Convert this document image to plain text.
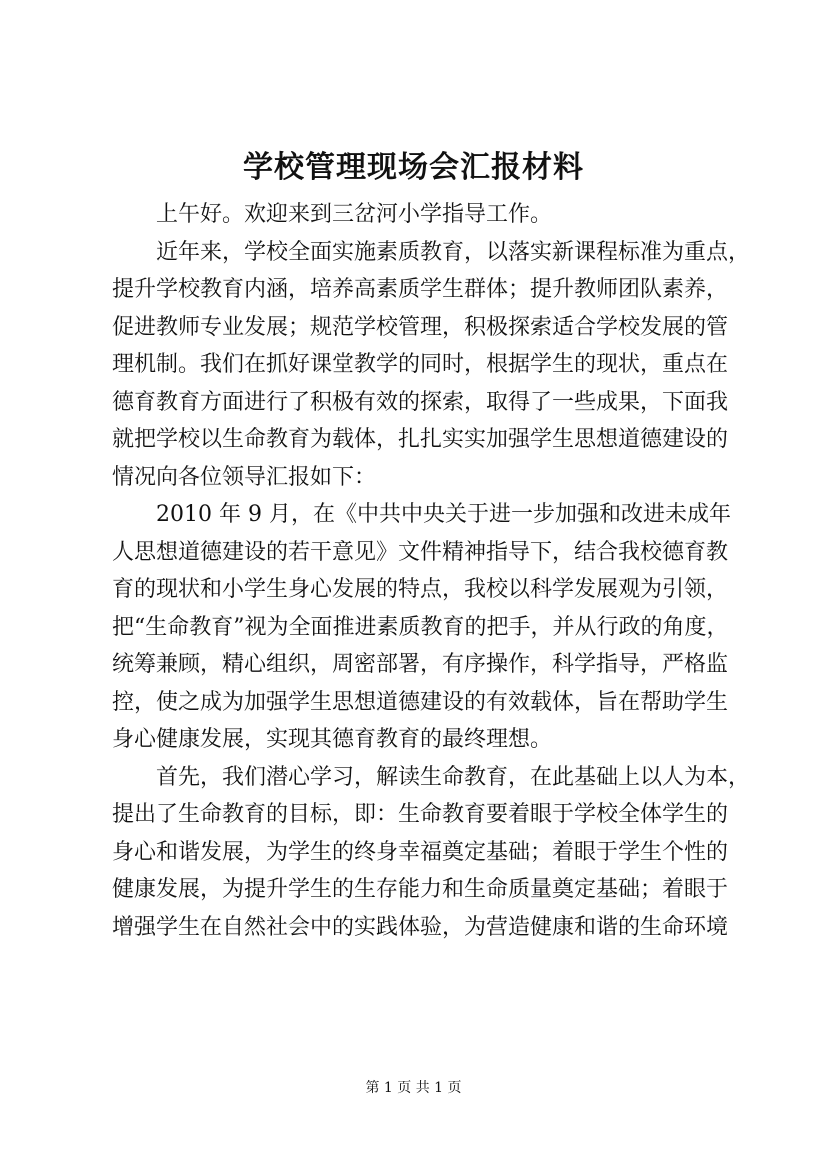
学校管理现场会汇报材料

上午好。欢迎来到三岔河小学指导工作。

近年来，学校全面实施素质教育，以落实新课程标准为重点，
提升学校教育内涵，培养高素质学生群体；提升教师团队素养，
促进教师专业发展；规范学校管理，积极探索适合学校发展的管
理机制。我们在抓好课堂教学的同时，根据学生的现状，重点在
德育教育方面进行了积极有效的探索，取得了一些成果，下面我
就把学校以生命教育为载体，扎扎实实加强学生思想道德建设的
情况向各位领导汇报如下：

2010 年 9 月，在《中共中央关于进一步加强和改进未成年
人思想道德建设的若干意见》文件精神指导下，结合我校德育教
育的现状和小学生身心发展的特点，我校以科学发展观为引领，
把“生命教育”视为全面推进素质教育的把手，并从行政的角度，
统筹兼顾，精心组织，周密部署，有序操作，科学指导，严格监
控，使之成为加强学生思想道德建设的有效载体，旨在帮助学生
身心健康发展，实现其德育教育的最终理想。

首先，我们潜心学习，解读生命教育，在此基础上以人为本，
提出了生命教育的目标，即：生命教育要着眼于学校全体学生的
身心和谐发展，为学生的终身幸福奠定基础；着眼于学生个性的
健康发展，为提升学生的生存能力和生命质量奠定基础；着眼于
增强学生在自然社会中的实践体验，为营造健康和谐的生命环境

第 1 页 共 1 页
